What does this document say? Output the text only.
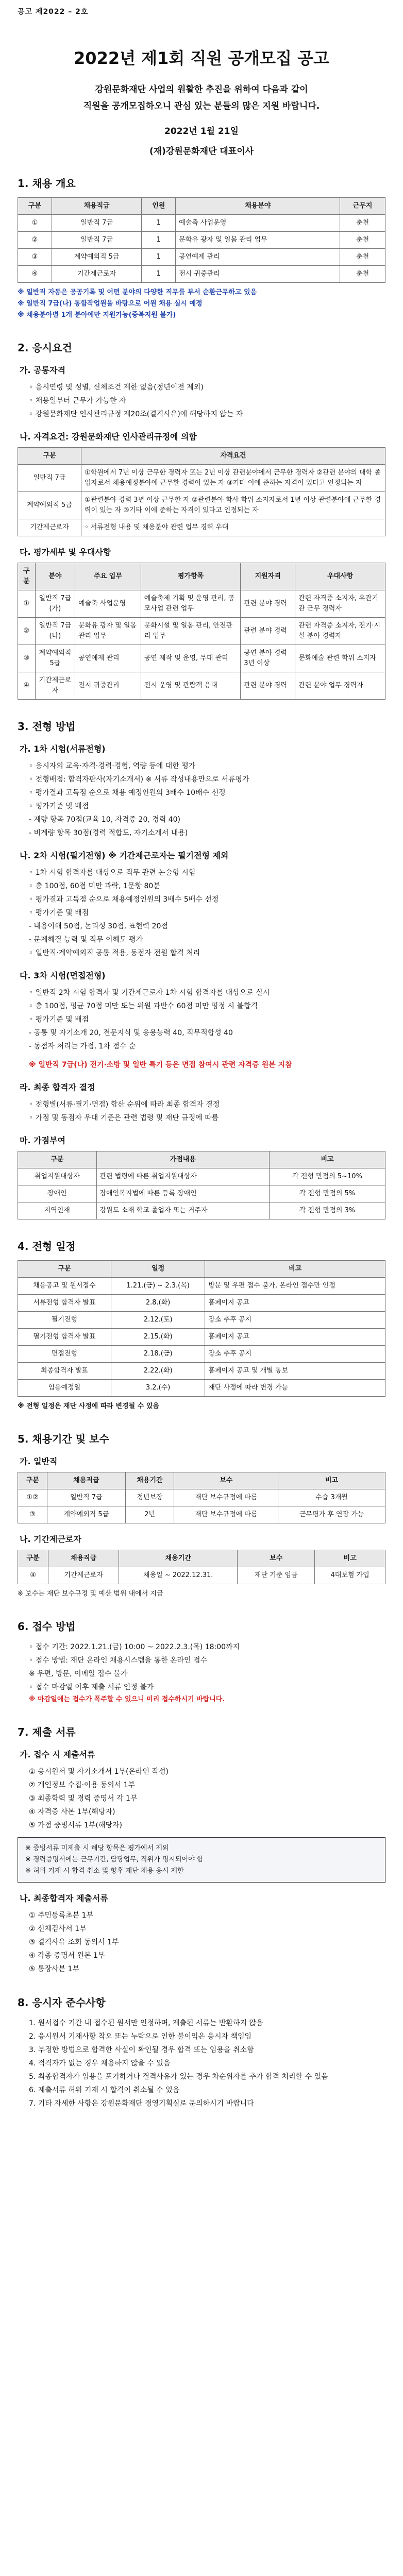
공고 제2022 – 2호
2022년 제1회 직원 공개모집 공고
강원문화재단 사업의 원활한 추진을 위하여 다음과 같이
직원을 공개모집하오니 관심 있는 분들의 많은 지원 바랍니다.
2022년 1월 21일
(재)강원문화재단 대표이사
1. 채용 개요
구분	채용직급	인원	채용분야	근무지
①	일반직 7급	1	예술축 사업운영	춘천
②	일반직 7급	1	문화유 광자 및 일몸 관리 업무	춘천
③	계약예외직 5급	1	공연예제 관리	춘천
④	기간제근로자	1	전시 귀중관리	춘천
※ 일반직 자동은 공공기록 및 어떤 분야의 다양한 직무를 부서 순환근무하고 있음
※ 일반직 7급(나) 통합작업원을 바탕으로 어원 채용 실시 예정
※ 채용분야별 1개 분야에만 지원가능(중복지원 불가)
2. 응시요건
가. 공통자격

◦ 응시연령 및 성별, 신체조건 제한 없음(정년이전 제외)

◦ 채용일부터 근무가 가능한 자

◦ 강원문화재단 인사관리규정 제20조(결격사유)에 해당하지 않는 자

나. 자격요건: 강원문화재단 인사관리규정에 의함
구분	자격요건
일반직 7급	①학원에서 7년 이상 근무한 경력자 또는 2년 이상 관련분야에서 근무한 경력자 ②관련 분야의 대학 졸업자로서 채용예정분야에 근무한 경력이 있는 자 ③기타 이에 준하는 자격이 있다고 인정되는 자
계약예외직 5급	①관련분야 경력 3년 이상 근무한 자 ②관련분야 학사 학위 소지자로서 1년 이상 관련분야에 근무한 경력이 있는 자 ③기타 이에 준하는 자격이 있다고 인정되는 자
기간제근로자	◦ 서류전형 내용 및 채용분야 관련 업무 경력 우대
다. 평가세부 및 우대사항
구분	분야	주요 업무	평가항목	지원자격	우대사항
①	일반직 7급(가)	예술축 사업운영	예술축제 기획 및 운영 관리, 공모사업 관련 업무	관련 분야 경력	관련 자격증 소지자, 유관기관 근무 경력자
②	일반직 7급(나)	문화유 광자 및 일몸 관리 업무	문화시설 및 일몸 관리, 안전관리 업무	관련 분야 경력	관련 자격증 소지자, 전기·시설 분야 경력자
③	계약예외직 5급	공연예제 관리	공연 제작 및 운영, 무대 관리	공연 분야 경력 3년 이상	문화예술 관련 학위 소지자
④	기간제근로자	전시 귀중관리	전시 운영 및 관람객 응대	관련 분야 경력	관련 분야 업무 경력자
3. 전형 방법
가. 1차 시험(서류전형)

◦ 응시자의 교육·자격·경력·경험, 역량 등에 대한 평가

◦ 전형배점: 합격자판사(자기소개서) ※ 서류 작성내용만으로 서류평가

◦ 평가결과 고득점 순으로 채용 예정인원의 3배수 10배수 선정

◦ 평가기준 및 배점

- 계량 항목 70점(교육 10, 자격증 20, 경력 40)

- 비계량 항목 30점(경력 적합도, 자기소개서 내용)

나. 2차 시험(필기전형) ※ 기간제근로자는 필기전형 제외

◦ 1차 시험 합격자를 대상으로 직무 관련 논술형 시험

◦ 총 100점, 60점 미만 과락, 1문항 80분

◦ 평가결과 고득점 순으로 채용예정인원의 3배수 5배수 선정

◦ 평가기준 및 배점

- 내용이해 50점, 논리성 30점, 표현력 20점

- 문제해결 능력 및 직무 이해도 평가

◦ 일반직·계약예외직 공통 적용, 동점자 전원 합격 처리

다. 3차 시험(면접전형)

◦ 일반직 2차 시험 합격자 및 기간제근로자 1차 시험 합격자를 대상으로 실시

◦ 총 100점, 평균 70점 미만 또는 위원 과반수 60점 미만 평정 시 불합격

◦ 평가기준 및 배점

- 공통 및 자기소개 20, 전문지식 및 응용능력 40, 직무적합성 40

- 동점자 처리는 가점, 1차 점수 순

※ 일반직 7급(나) 전기·소방 및 일반 특기 등은 면접 참여시 관련 자격증 원본 지참

라. 최종 합격자 결정

◦ 전형별(서류·필기·면접) 합산 순위에 따라 최종 합격자 결정

◦ 가점 및 동점자 우대 기준은 관련 법령 및 재단 규정에 따름

마. 가점부여
구분	가점내용	비고
취업지원대상자	관련 법령에 따른 취업지원대상자	각 전형 만점의 5~10%
장애인	장애인복지법에 따른 등록 장애인	각 전형 만점의 5%
지역인재	강원도 소재 학교 졸업자 또는 거주자	각 전형 만점의 3%
4. 전형 일정
구분	일정	비고
채용공고 및 원서접수	1.21.(금) ~ 2.3.(목)	방문 및 우편 접수 불가, 온라인 접수만 인정
서류전형 합격자 발표	2.8.(화)	홈페이지 공고
필기전형	2.12.(토)	장소 추후 공지
필기전형 합격자 발표	2.15.(화)	홈페이지 공고
면접전형	2.18.(금)	장소 추후 공지
최종합격자 발표	2.22.(화)	홈페이지 공고 및 개별 통보
임용예정일	3.2.(수)	재단 사정에 따라 변경 가능

※ 전형 일정은 재단 사정에 따라 변경될 수 있음

5. 채용기간 및 보수
가. 일반직
구분	채용직급	채용기간	보수	비고
①②	일반직 7급	정년보장	재단 보수규정에 따름	수습 3개월
③	계약예외직 5급	2년	재단 보수규정에 따름	근무평가 후 연장 가능
나. 기간제근로자
구분	채용직급	채용기간	보수	비고
④	기간제근로자	채용일 ~ 2022.12.31.	재단 기준 임금	4대보험 가입

※ 보수는 재단 보수규정 및 예산 범위 내에서 지급

6. 접수 방법

◦ 접수 기간: 2022.1.21.(금) 10:00 ~ 2022.2.3.(목) 18:00까지

◦ 접수 방법: 재단 온라인 채용시스템을 통한 온라인 접수

※ 우편, 방문, 이메일 접수 불가

◦ 접수 마감일 이후 제출 서류 인정 불가

※ 마감일에는 접수가 폭주할 수 있으니 미리 접수하시기 바랍니다.

7. 제출 서류
가. 접수 시 제출서류

① 응시원서 및 자기소개서 1부(온라인 작성)

② 개인정보 수집·이용 동의서 1부

③ 최종학력 및 경력 증명서 각 1부

④ 자격증 사본 1부(해당자)

⑤ 가점 증빙서류 1부(해당자)

※ 증빙서류 미제출 시 해당 항목은 평가에서 제외
※ 경력증명서에는 근무기간, 담당업무, 직위가 명시되어야 함
※ 허위 기재 시 합격 취소 및 향후 재단 채용 응시 제한
나. 최종합격자 제출서류

① 주민등록초본 1부

② 신체검사서 1부

③ 결격사유 조회 동의서 1부

④ 각종 증명서 원본 1부

⑤ 통장사본 1부

8. 응시자 준수사항

1. 원서접수 기간 내 접수된 원서만 인정하며, 제출된 서류는 반환하지 않음

2. 응시원서 기재사항 착오 또는 누락으로 인한 불이익은 응시자 책임임

3. 부정한 방법으로 합격한 사실이 확인될 경우 합격 또는 임용을 취소함

4. 적격자가 없는 경우 채용하지 않을 수 있음

5. 최종합격자가 임용을 포기하거나 결격사유가 있는 경우 차순위자를 추가 합격 처리할 수 있음

6. 제출서류 허위 기재 시 합격이 취소될 수 있음

7. 기타 자세한 사항은 강원문화재단 경영기획실로 문의하시기 바랍니다
